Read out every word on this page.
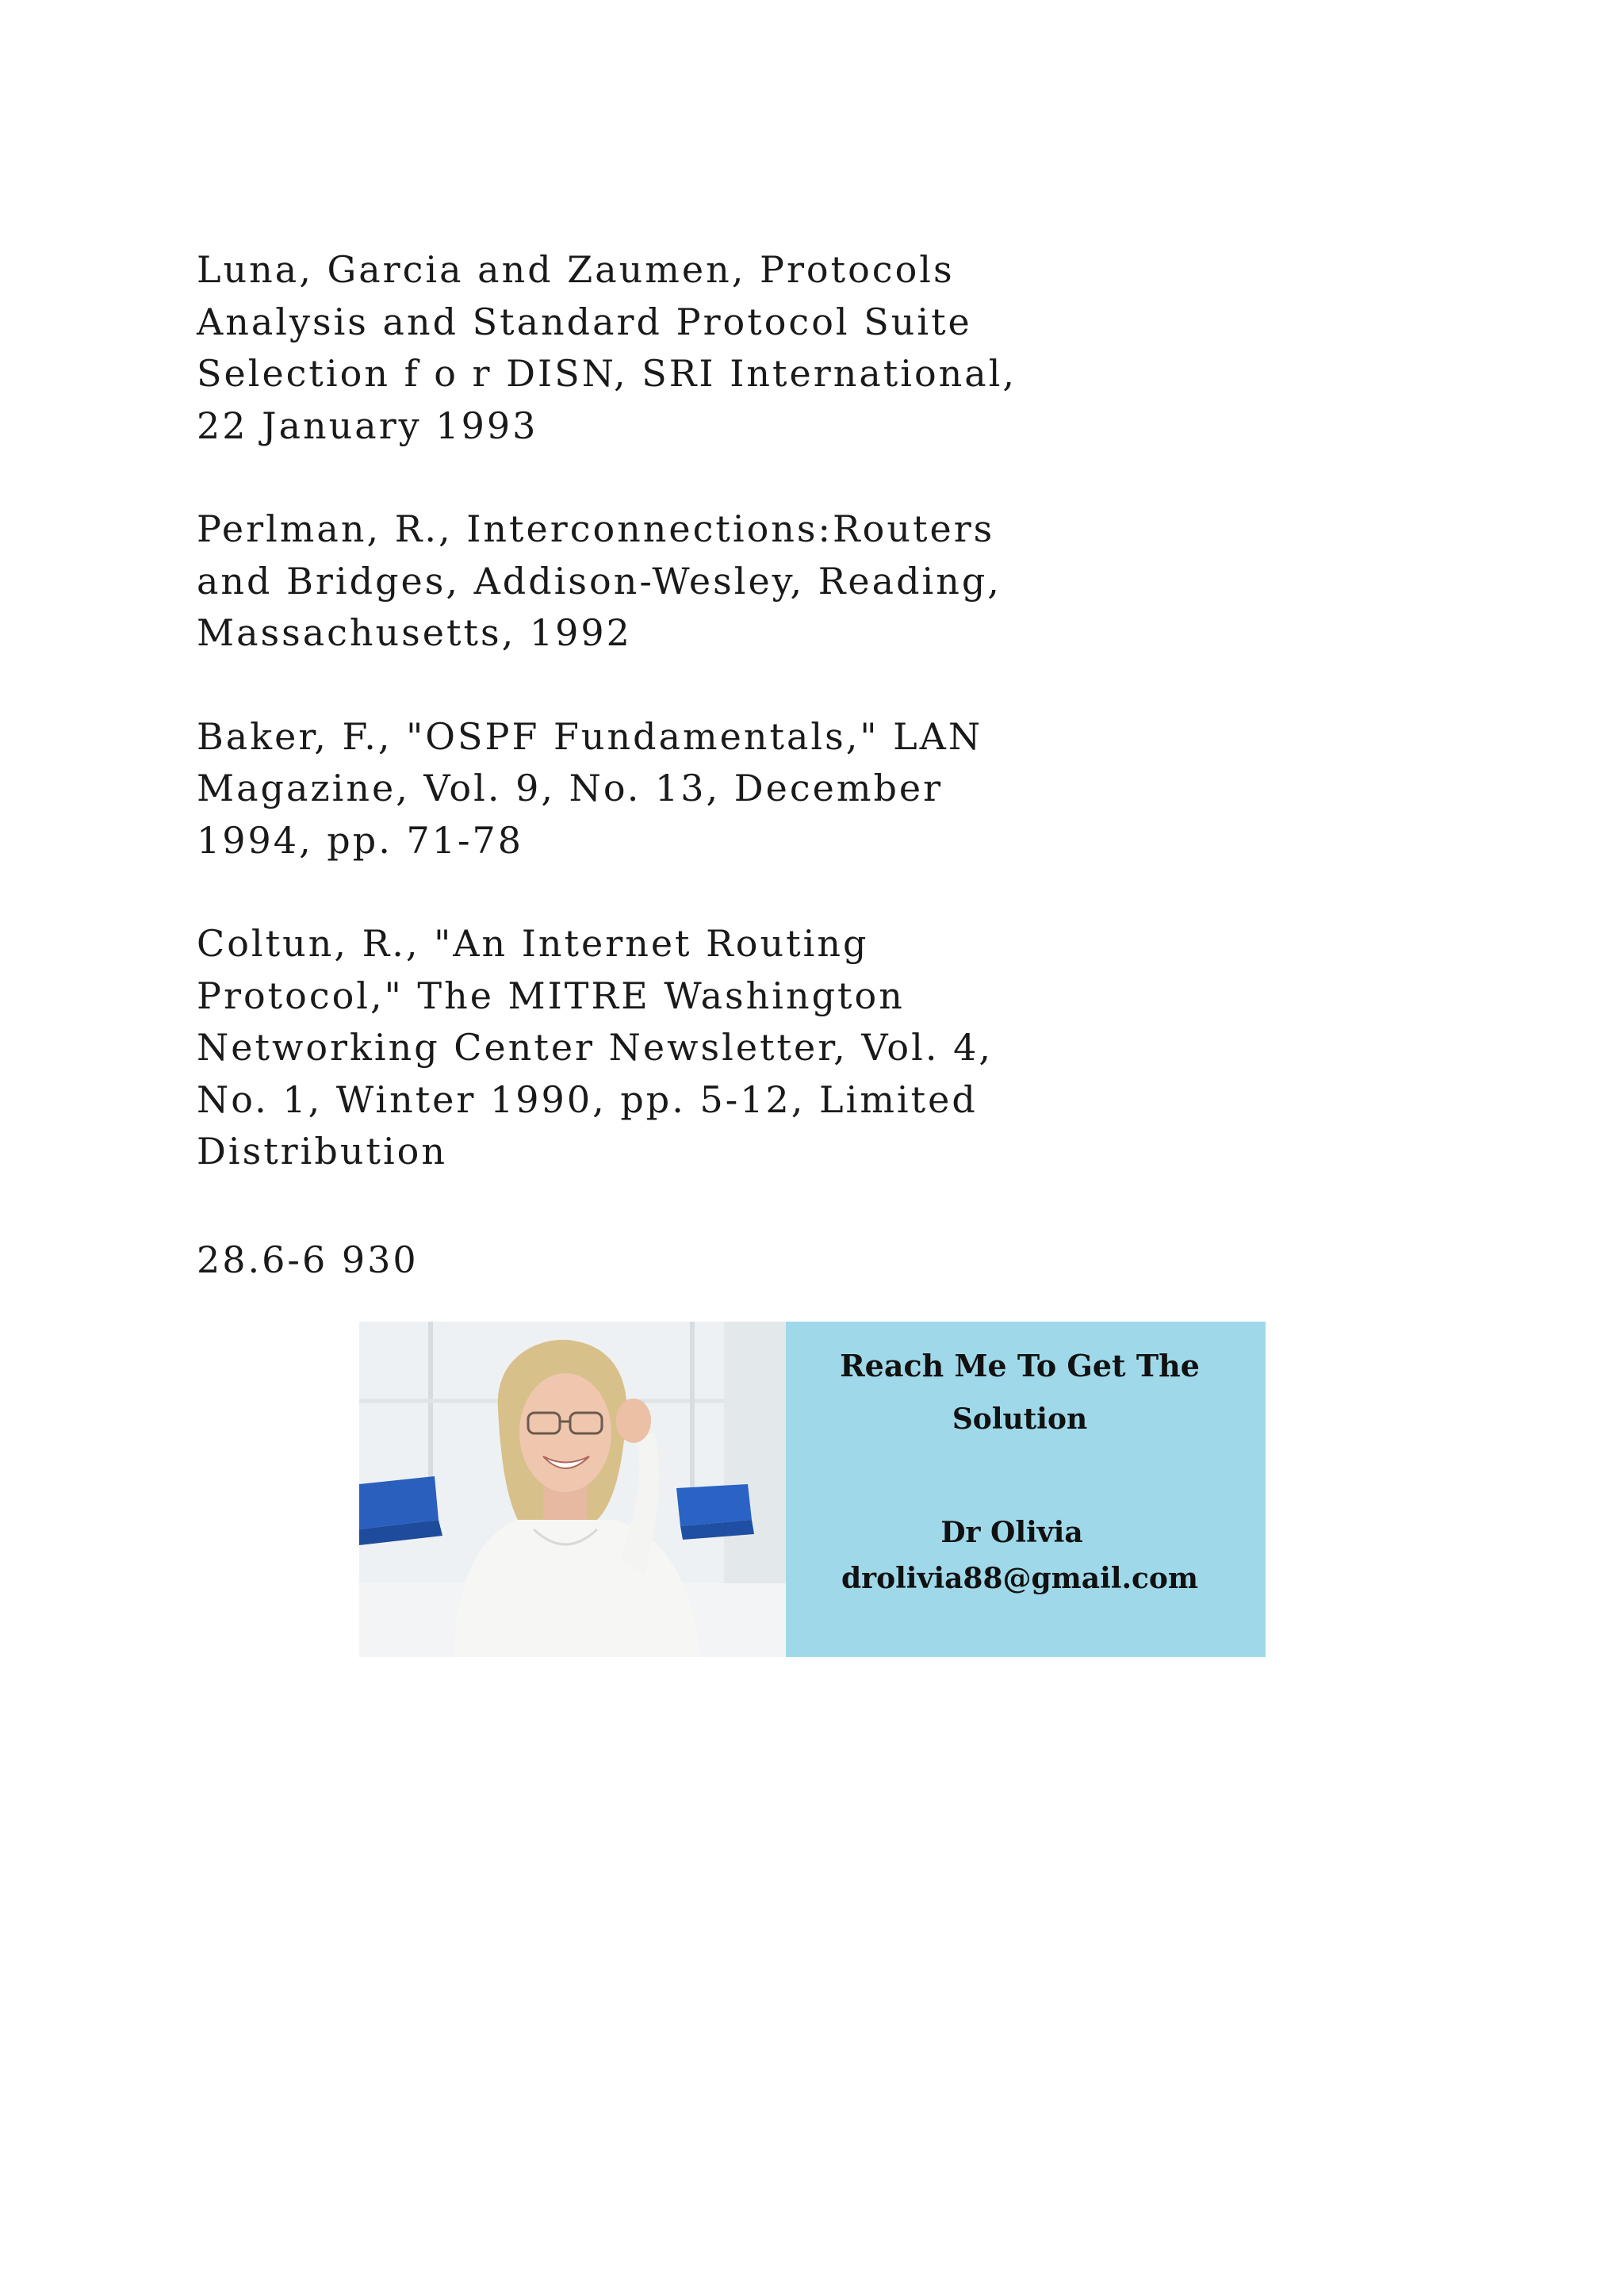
Luna, Garcia and Zaumen, Protocols
Analysis and Standard Protocol Suite
Selection f o r DISN, SRI International,
22 January 1993

Perlman, R., Interconnections:Routers
and Bridges, Addison-Wesley, Reading,
Massachusetts, 1992

Baker, F., "OSPF Fundamentals," LAN
Magazine, Vol. 9, No. 13, December
1994, pp. 71-78

Coltun, R., "An Internet Routing
Protocol," The MITRE Washington
Networking Center Newsletter, Vol. 4,
No. 1, Winter 1990, pp. 5-12, Limited
Distribution

28.6-6 930

Reach Me To Get The
Solution
Dr Olivia
drolivia88@gmail.com
